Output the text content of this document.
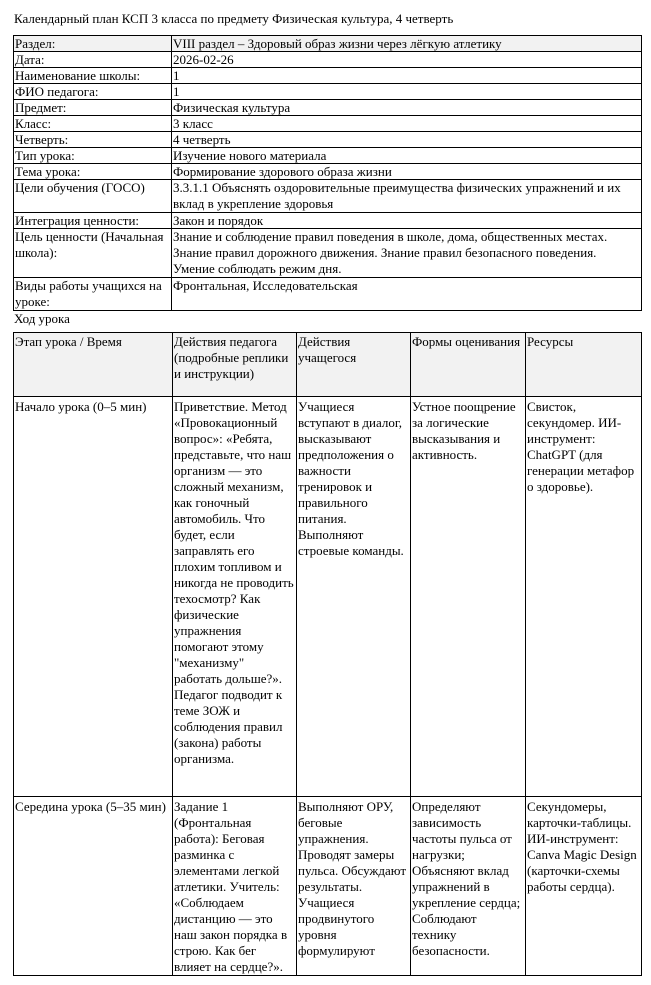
Календарный план КСП 3 класса по предмету Физическая культура, 4 четверть
Раздел:	VIII раздел – Здоровый образ жизни через лёгкую атлетику
Дата:	2026-02-26
Наименование школы:	1
ФИО педагога:	1
Предмет:	Физическая культура
Класс:	3 класс
Четверть:	4 четверть
Тип урока:	Изучение нового материала
Тема урока:	Формирование здорового образа жизни
Цели обучения (ГОСО)	3.3.1.1 Объяснять оздоровительные преимущества физических упражнений и их вклад в укрепление здоровья
Интеграция ценности:	Закон и порядок
Цель ценности (Начальная школа):	Знание и соблюдение правил поведения в школе, дома, общественных местах. Знание правил дорожного движения. Знание правил безопасного поведения. Умение соблюдать режим дня.
Виды работы учащихся на уроке:	Фронтальная, Исследовательская
Ход урока
Этап урока / Время	Действия педагога (подробные реплики и инструкции)	Действия учащегося	Формы оценивания	Ресурсы
Начало урока (0–5 мин)	Приветствие. Метод «Провокационный вопрос»: «Ребята, представьте, что наш организм — это сложный механизм, как гоночный автомобиль. Что будет, если заправлять его плохим топливом и никогда не проводить техосмотр? Как физические упражнения помогают этому "механизму" работать дольше?». Педагог подводит к теме ЗОЖ и соблюдения правил (закона) работы организма.	Учащиеся вступают в диалог, высказывают предположения о важности тренировок и правильного питания. Выполняют строевые команды.	Устное поощрение за логические высказывания и активность.	Свисток, секундомер. ИИ-инструмент: ChatGPT (для генерации метафор о здоровье).
Середина урока (5–35 мин)	Задание 1 (Фронтальная работа): Беговая разминка с элементами легкой атлетики. Учитель: «Соблюдаем дистанцию — это наш закон порядка в строю. Как бег влияет на сердце?».	Выполняют ОРУ, беговые упражнения. Проводят замеры пульса. Обсуждают результаты. Учащиеся продвинутого уровня формулируют	Определяют зависимость частоты пульса от нагрузки; Объясняют вклад упражнений в укрепление сердца; Соблюдают технику безопасности.	Секундомеры, карточки-таблицы. ИИ-инструмент: Canva Magic Design (карточки-схемы работы сердца).
